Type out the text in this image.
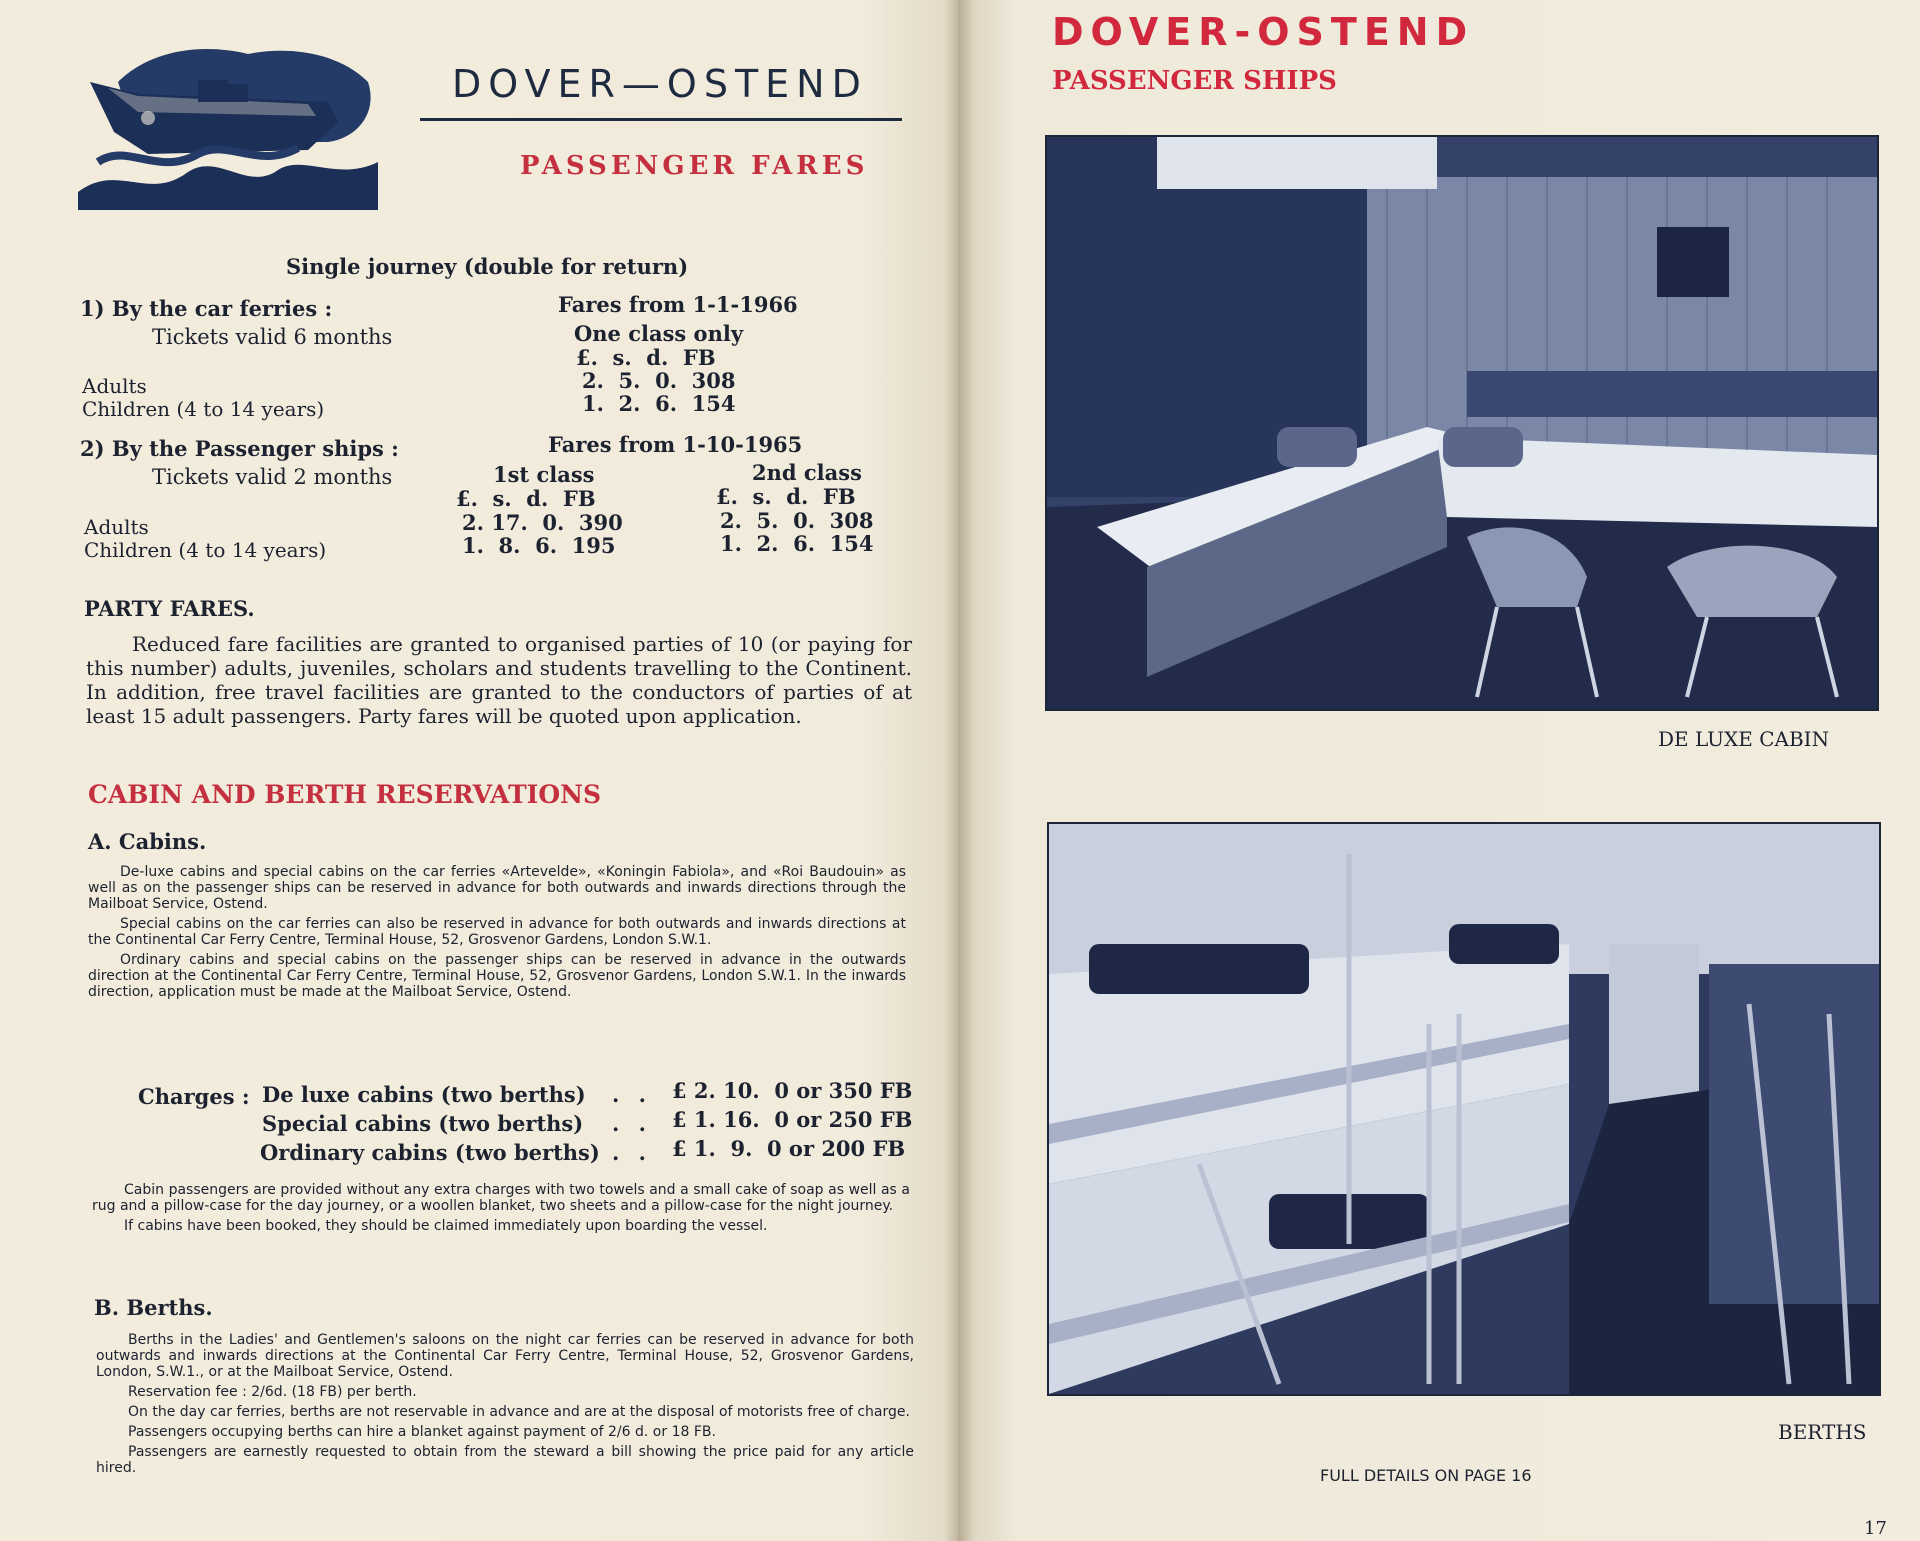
DOVER—OSTEND
PASSENGER FARES
Single journey (double for return)
1) By the car ferries :
Tickets valid 6 months
Fares from 1-1-1966
One class only
£.  s.  d.  FB
Adults
Children (4 to 14 years)
2.  5.  0.  308
1.  2.  6.  154
2) By the Passenger ships :
Tickets valid 2 months
Fares from 1-10-1965
1st class	2nd class
£.  s.  d.  FB	£.  s.  d.  FB
Adults
Children (4 to 14 years)
2. 17.  0.  390
1.  8.  6.  195
2.  5.  0.  308
1.  2.  6.  154
PARTY FARES.

Reduced fare facilities are granted to organised parties of 10 (or paying for this number) adults, juveniles, scholars and students travelling to the Continent. In addition, free travel facilities are granted to the conductors of parties of at least 15 adult passengers. Party fares will be quoted upon application.

CABIN AND BERTH RESERVATIONS
A. Cabins.

De-luxe cabins and special cabins on the car ferries «Artevelde», «Koningin Fabiola», and «Roi Baudouin» as well as on the passenger ships can be reserved in advance for both outwards and inwards directions through the Mailboat Service, Ostend.

Special cabins on the car ferries can also be reserved in advance for both outwards and inwards directions at the Continental Car Ferry Centre, Terminal House, 52, Grosvenor Gardens, London S.W.1.

Ordinary cabins and special cabins on the passenger ships can be reserved in advance in the outwards direction at the Continental Car Ferry Centre, Terminal House, 52, Grosvenor Gardens, London S.W.1. In the inwards direction, application must be made at the Mailboat Service, Ostend.

Charges : De luxe cabins (two berths)
Special cabins (two berths)
Ordinary cabins (two berths)
. .
. .
. .
£ 2. 10.  0 or 350 FB
£ 1. 16.  0 or 250 FB
£ 1.  9.  0 or 200 FB

Cabin passengers are provided without any extra charges with two towels and a small cake of soap as well as a rug and a pillow-case for the day journey, or a woollen blanket, two sheets and a pillow-case for the night journey.

If cabins have been booked, they should be claimed immediately upon boarding the vessel.

B. Berths.

Berths in the Ladies' and Gentlemen's saloons on the night car ferries can be reserved in advance for both outwards and inwards directions at the Continental Car Ferry Centre, Terminal House, 52, Grosvenor Gardens, London, S.W.1., or at the Mailboat Service, Ostend.

Reservation fee : 2/6d. (18 FB) per berth.

On the day car ferries, berths are not reservable in advance and are at the disposal of motorists free of charge.

Passengers occupying berths can hire a blanket against payment of 2/6 d. or 18 FB.

Passengers are earnestly requested to obtain from the steward a bill showing the price paid for any article hired.

DOVER-OSTEND
PASSENGER SHIPS
DE LUXE CABIN
BERTHS
FULL DETAILS ON PAGE 16
17
